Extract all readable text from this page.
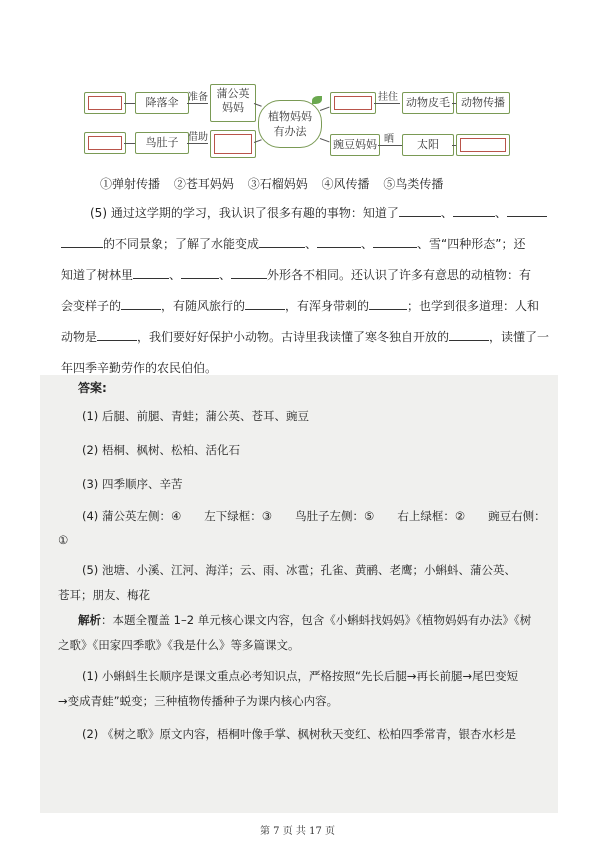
降落伞 准备 蒲公英妈妈
鸟肚子 借助
植物妈妈
有办法
挂住 动物皮毛	动物传播
豌豆妈妈 晒	太阳
①弹射传播 ②苍耳妈妈 ③石榴妈妈 ④风传播 ⑤鸟类传播
(5) 通过这学期的学习，我认识了很多有趣的事物：知道了	、	、
的不同景象；了解了水能变成	、	、	、雪“四种形态”；还
知道了树林里	、	、	外形各不相同。还认识了许多有意思的动植物：有
会变样子的	，有随风旅行的	，有浑身带刺的	；也学到很多道理：人和
动物是	，我们要好好保护小动物。古诗里我读懂了寒冬独自开放的	，读懂了一
年四季辛勤劳作的农民伯伯。
答案:
(1) 后腿、前腿、青蛙；蒲公英、苍耳、豌豆
(2) 梧桐、枫树、松柏、活化石
(3) 四季顺序、辛苦
(4) 蒲公英左侧：④　　左下绿框：③　　鸟肚子左侧：⑤　　右上绿框：②　　豌豆右侧：
①
(5) 池塘、小溪、江河、海洋；云、雨、冰雹；孔雀、黄鹂、老鹰；小蝌蚪、蒲公英、
苍耳；朋友、梅花
解析：本题全覆盖 1–2 单元核心课文内容，包含《小蝌蚪找妈妈》《植物妈妈有办法》《树
之歌》《田家四季歌》《我是什么》等多篇课文。
(1) 小蝌蚪生长顺序是课文重点必考知识点，严格按照“先长后腿→再长前腿→尾巴变短
→变成青蛙”蜕变；三种植物传播种子为课内核心内容。
(2) 《树之歌》原文内容，梧桐叶像手掌、枫树秋天变红、松柏四季常青，银杏水杉是
第 7 页 共 17 页
